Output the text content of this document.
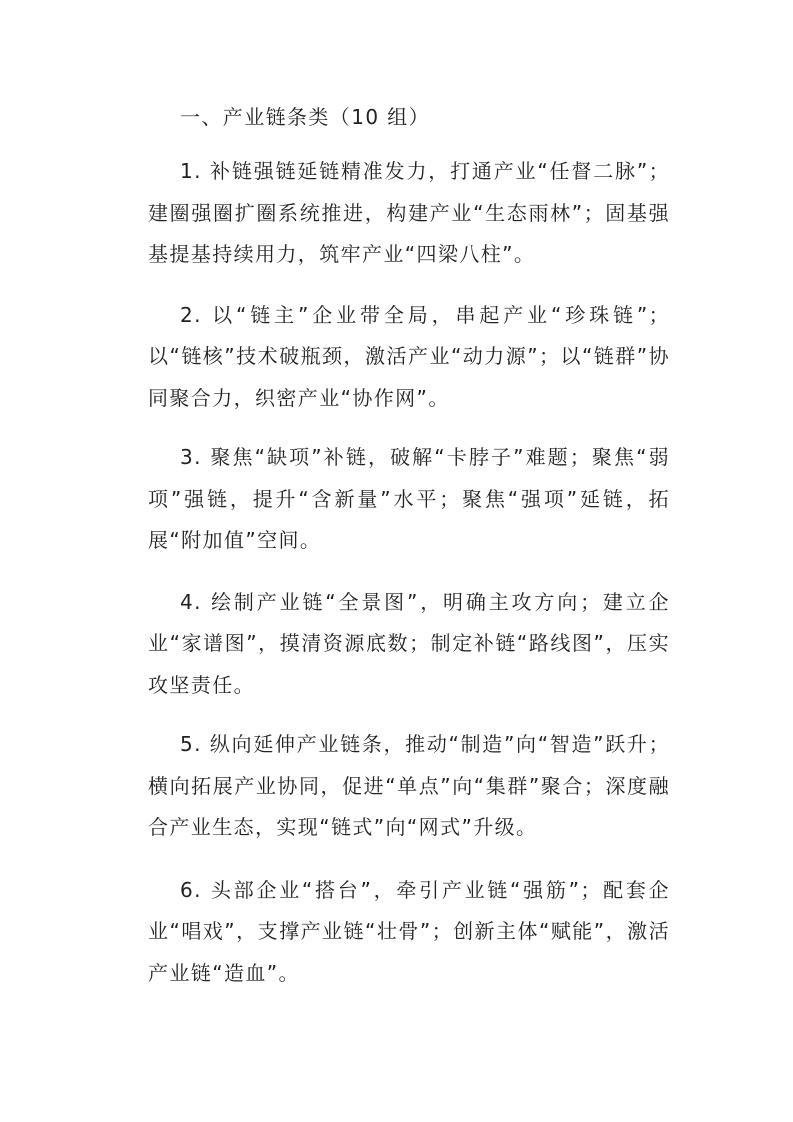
一、产业链条类（10 组）

1. 补链强链延链精准发力，打通产业“任督二脉”；建圈强圈扩圈系统推进，构建产业“生态雨林”；固基强基提基持续用力，筑牢产业“四梁八柱”。

2. 以“链主”企业带全局，串起产业“珍珠链”；以“链核”技术破瓶颈，激活产业“动力源”；以“链群”协同聚合力，织密产业“协作网”。

3. 聚焦“缺项”补链，破解“卡脖子”难题；聚焦“弱项”强链，提升“含新量”水平；聚焦“强项”延链，拓展“附加值”空间。

4. 绘制产业链“全景图”，明确主攻方向；建立企业“家谱图”，摸清资源底数；制定补链“路线图”，压实攻坚责任。

5. 纵向延伸产业链条，推动“制造”向“智造”跃升；横向拓展产业协同，促进“单点”向“集群”聚合；深度融合产业生态，实现“链式”向“网式”升级。

6. 头部企业“搭台”，牵引产业链“强筋”；配套企业“唱戏”，支撑产业链“壮骨”；创新主体“赋能”，激活产业链“造血”。
